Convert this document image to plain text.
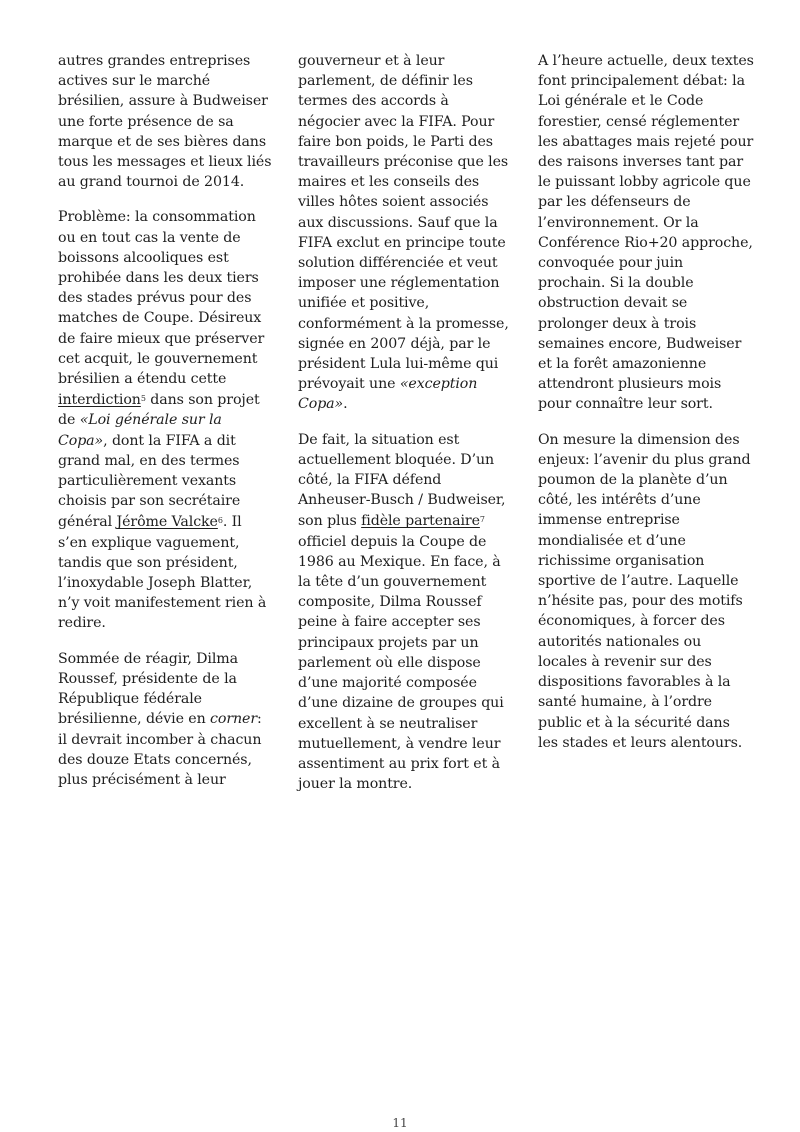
autres grandes entreprises actives sur le marché brésilien, assure à Budweiser une forte présence de sa marque et de ses bières dans tous les messages et lieux liés au grand tournoi de 2014.

Problème: la consommation ou en tout cas la vente de boissons alcooliques est prohibée dans les deux tiers des stades prévus pour des matches de Coupe. Désireux de faire mieux que préserver cet acquit, le gouvernement brésilien a étendu cette interdiction$^5$ dans son projet de «Loi générale sur la Copa», dont la FIFA a dit grand mal, en des termes particulièrement vexants choisis par son secrétaire général Jérôme Valcke$^6$. Il s’en explique vaguement, tandis que son président, l’inoxydable Joseph Blatter, n’y voit manifestement rien à redire.

Sommée de réagir, Dilma Roussef, présidente de la République fédérale brésilienne, dévie en corner: il devrait incomber à chacun des douze Etats concernés, plus précisément à leur

gouverneur et à leur parlement, de définir les termes des accords à négocier avec la FIFA. Pour faire bon poids, le Parti des travailleurs préconise que les maires et les conseils des villes hôtes soient associés aux discussions. Sauf que la FIFA exclut en principe toute solution différenciée et veut imposer une réglementation unifiée et positive, conformément à la promesse, signée en 2007 déjà, par le président Lula lui-même qui prévoyait une «exception Copa».

De fait, la situation est actuellement bloquée. D’un côté, la FIFA défend Anheuser-Busch / Budweiser, son plus fidèle partenaire$^7$ officiel depuis la Coupe de 1986 au Mexique. En face, à la tête d’un gouvernement composite, Dilma Roussef peine à faire accepter ses principaux projets par un parlement où elle dispose d’une majorité composée d’une dizaine de groupes qui excellent à se neutraliser mutuellement, à vendre leur assentiment au prix fort et à jouer la montre.

A l’heure actuelle, deux textes font principalement débat: la Loi générale et le Code forestier, censé réglementer les abattages mais rejeté pour des raisons inverses tant par le puissant lobby agricole que par les défenseurs de l’environnement. Or la Conférence Rio+20 approche, convoquée pour juin prochain. Si la double obstruction devait se prolonger deux à trois semaines encore, Budweiser et la forêt amazonienne attendront plusieurs mois pour connaître leur sort.

On mesure la dimension des enjeux: l’avenir du plus grand poumon de la planète d’un côté, les intérêts d’une immense entreprise mondialisée et d’une richissime organisation sportive de l’autre. Laquelle n’hésite pas, pour des motifs économiques, à forcer des autorités nationales ou locales à revenir sur des dispositions favorables à la santé humaine, à l’ordre public et à la sécurité dans les stades et leurs alentours.

11
